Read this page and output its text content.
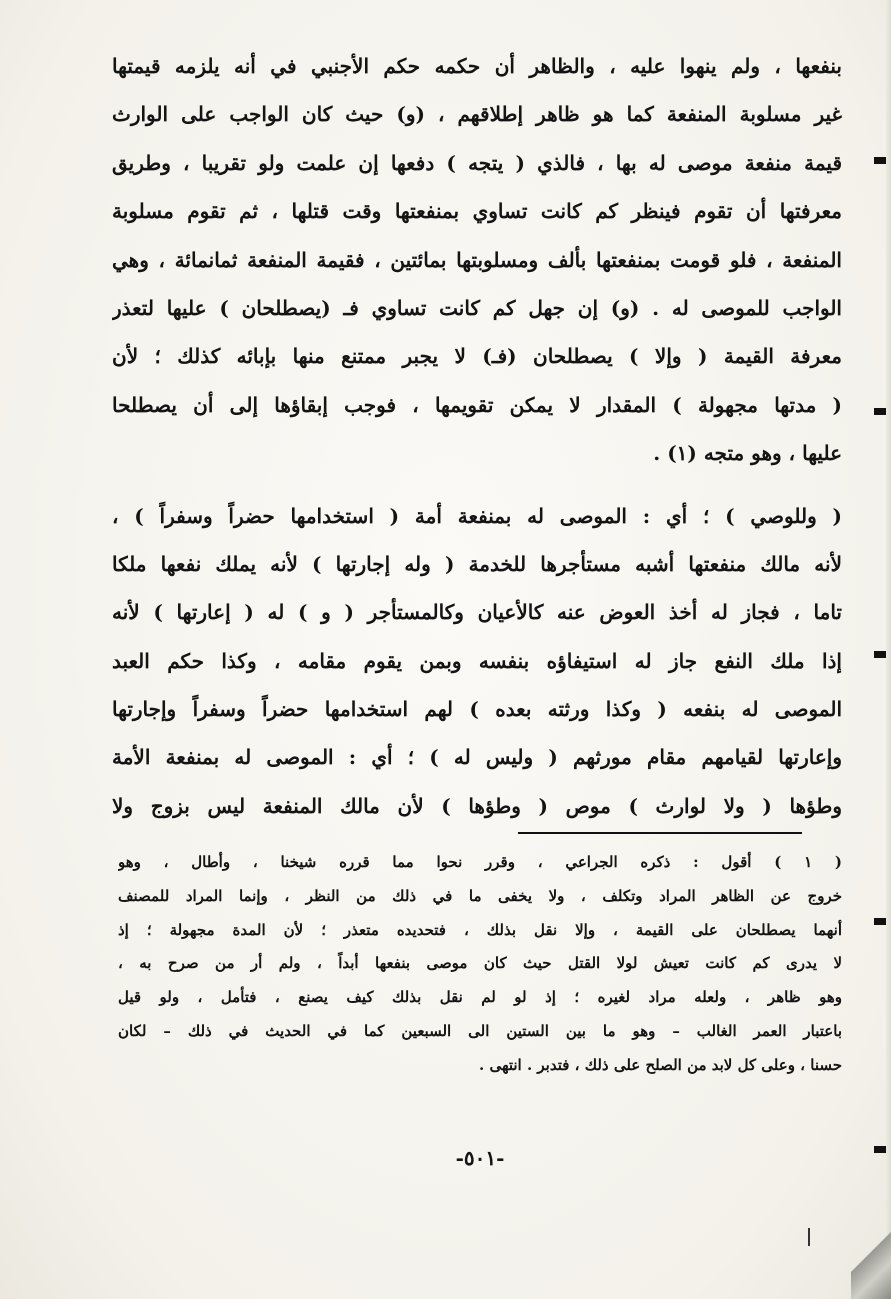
بنفعها ، ولم ينهوا عليه ، والظاهر أن حكمه حكم الأجنبي في أنه يلزمه قيمتها
غير مسلوبة المنفعة كما هو ظاهر إطلاقهم ، (و) حيث كان الواجب على الوارث
قيمة منفعة موصى له بها ، فالذي ( يتجه ) دفعها إن علمت ولو تقريبا ، وطريق
معرفتها أن تقوم فينظر كم كانت تساوي بمنفعتها وقت قتلها ، ثم تقوم مسلوبة
المنفعة ، فلو قومت بمنفعتها بألف ومسلوبتها بمائتين ، فقيمة المنفعة ثمانمائة ، وهي
الواجب للموصى له . (و) إن جهل كم كانت تساوي فـ (يصطلحان ) عليها لتعذر
معرفة القيمة ( وإلا ) يصطلحان (فـ) لا يجبر ممتنع منها بإبائه كذلك ؛ لأن
( مدتها مجهولة ) المقدار لا يمكن تقويمها ، فوجب إبقاؤها إلى أن يصطلحا
عليها ، وهو متجه (١) .
( وللوصي ) ؛ أي : الموصى له بمنفعة أمة ( استخدامها حضراً وسفراً ) ،
لأنه مالك منفعتها أشبه مستأجرها للخدمة ( وله إجارتها ) لأنه يملك نفعها ملكا
تاما ، فجاز له أخذ العوض عنه كالأعيان وكالمستأجر ( و ) له ( إعارتها ) لأنه
إذا ملك النفع جاز له استيفاؤه بنفسه وبمن يقوم مقامه ، وكذا حكم العبد
الموصى له بنفعه ( وكذا ورثته بعده ) لهم استخدامها حضراً وسفراً وإجارتها
وإعارتها لقيامهم مقام مورثهم ( وليس له ) ؛ أي : الموصى له بمنفعة الأمة
وطؤها ( ولا لوارث ) موص ( وطؤها ) لأن مالك المنفعة ليس بزوج ولا
( ١ ) أقول : ذكره الجراعي ، وقرر نحوا مما قرره شيخنا ، وأطال ، وهو
خروج عن الظاهر المراد وتكلف ، ولا يخفى ما في ذلك من النظر ، وإنما المراد للمصنف
أنهما يصطلحان على القيمة ، وإلا نقل بذلك ، فتحديده متعذر ؛ لأن المدة مجهولة ؛ إذ
لا يدرى كم كانت تعيش لولا القتل حيث كان موصى بنفعها أبداً ، ولم أر من صرح به ،
وهو ظاهر ، ولعله مراد لغيره ؛ إذ لو لم نقل بذلك كيف يصنع ، فتأمل ، ولو قيل
باعتبار العمر الغالب – وهو ما بين الستين الى السبعين كما في الحديث في ذلك – لكان
حسنا ، وعلى كل لابد من الصلح على ذلك ، فتدبر . انتهى .
-٥٠١-
